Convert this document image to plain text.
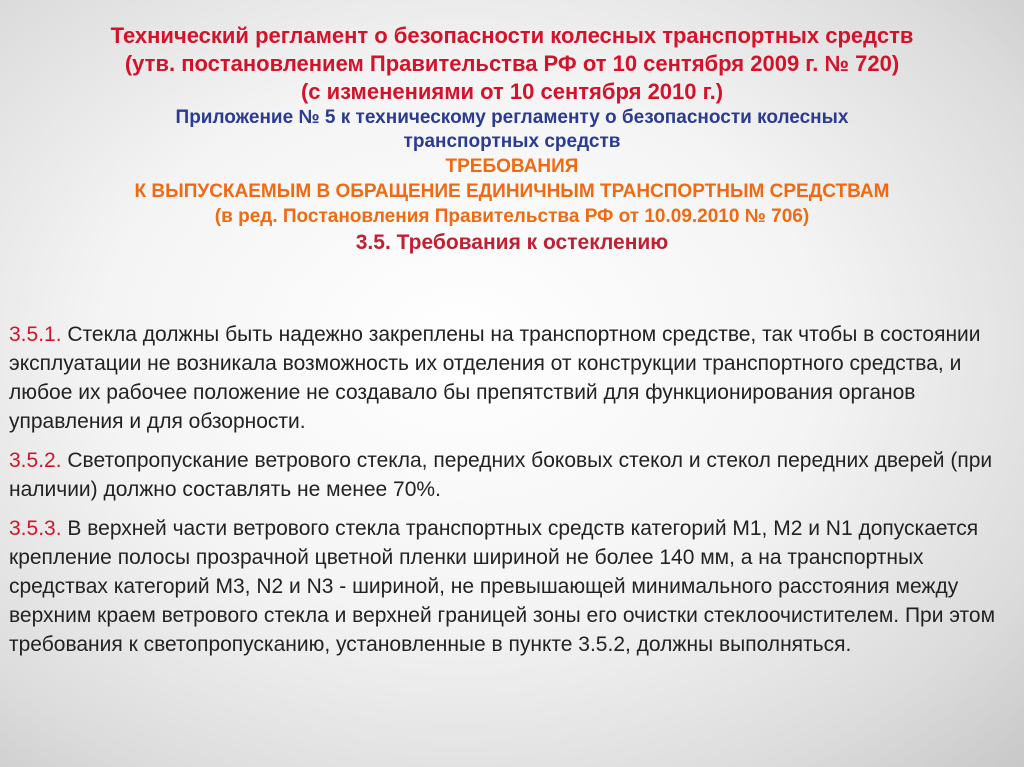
Технический регламент о безопасности колесных транспортных средств
(утв. постановлением Правительства РФ от 10 сентября 2009 г. № 720)
(с изменениями от 10 сентября 2010 г.)
Приложение № 5 к техническому регламенту о безопасности колесных
транспортных средств
ТРЕБОВАНИЯ
К ВЫПУСКАЕМЫМ В ОБРАЩЕНИЕ ЕДИНИЧНЫМ ТРАНСПОРТНЫМ СРЕДСТВАМ
(в ред. Постановления Правительства РФ от 10.09.2010 № 706)
3.5. Требования к остеклению

3.5.1. Стекла должны быть надежно закреплены на транспортном средстве, так чтобы в состоянии эксплуатации не возникала возможность их отделения от конструкции транспортного средства, и любое их рабочее положение не создавало бы препятствий для функционирования органов управления и для обзорности.

3.5.2. Светопропускание ветрового стекла, передних боковых стекол и стекол передних дверей (при наличии) должно составлять не менее 70%.

3.5.3. В верхней части ветрового стекла транспортных средств категорий M1, M2 и N1 допускается крепление полосы прозрачной цветной пленки шириной не более 140 мм, а на транспортных средствах категорий M3, N2 и N3 - шириной, не превышающей минимального расстояния между верхним краем ветрового стекла и верхней границей зоны его очистки стеклоочистителем. При этом требования к светопропусканию, установленные в пункте 3.5.2, должны выполняться.
